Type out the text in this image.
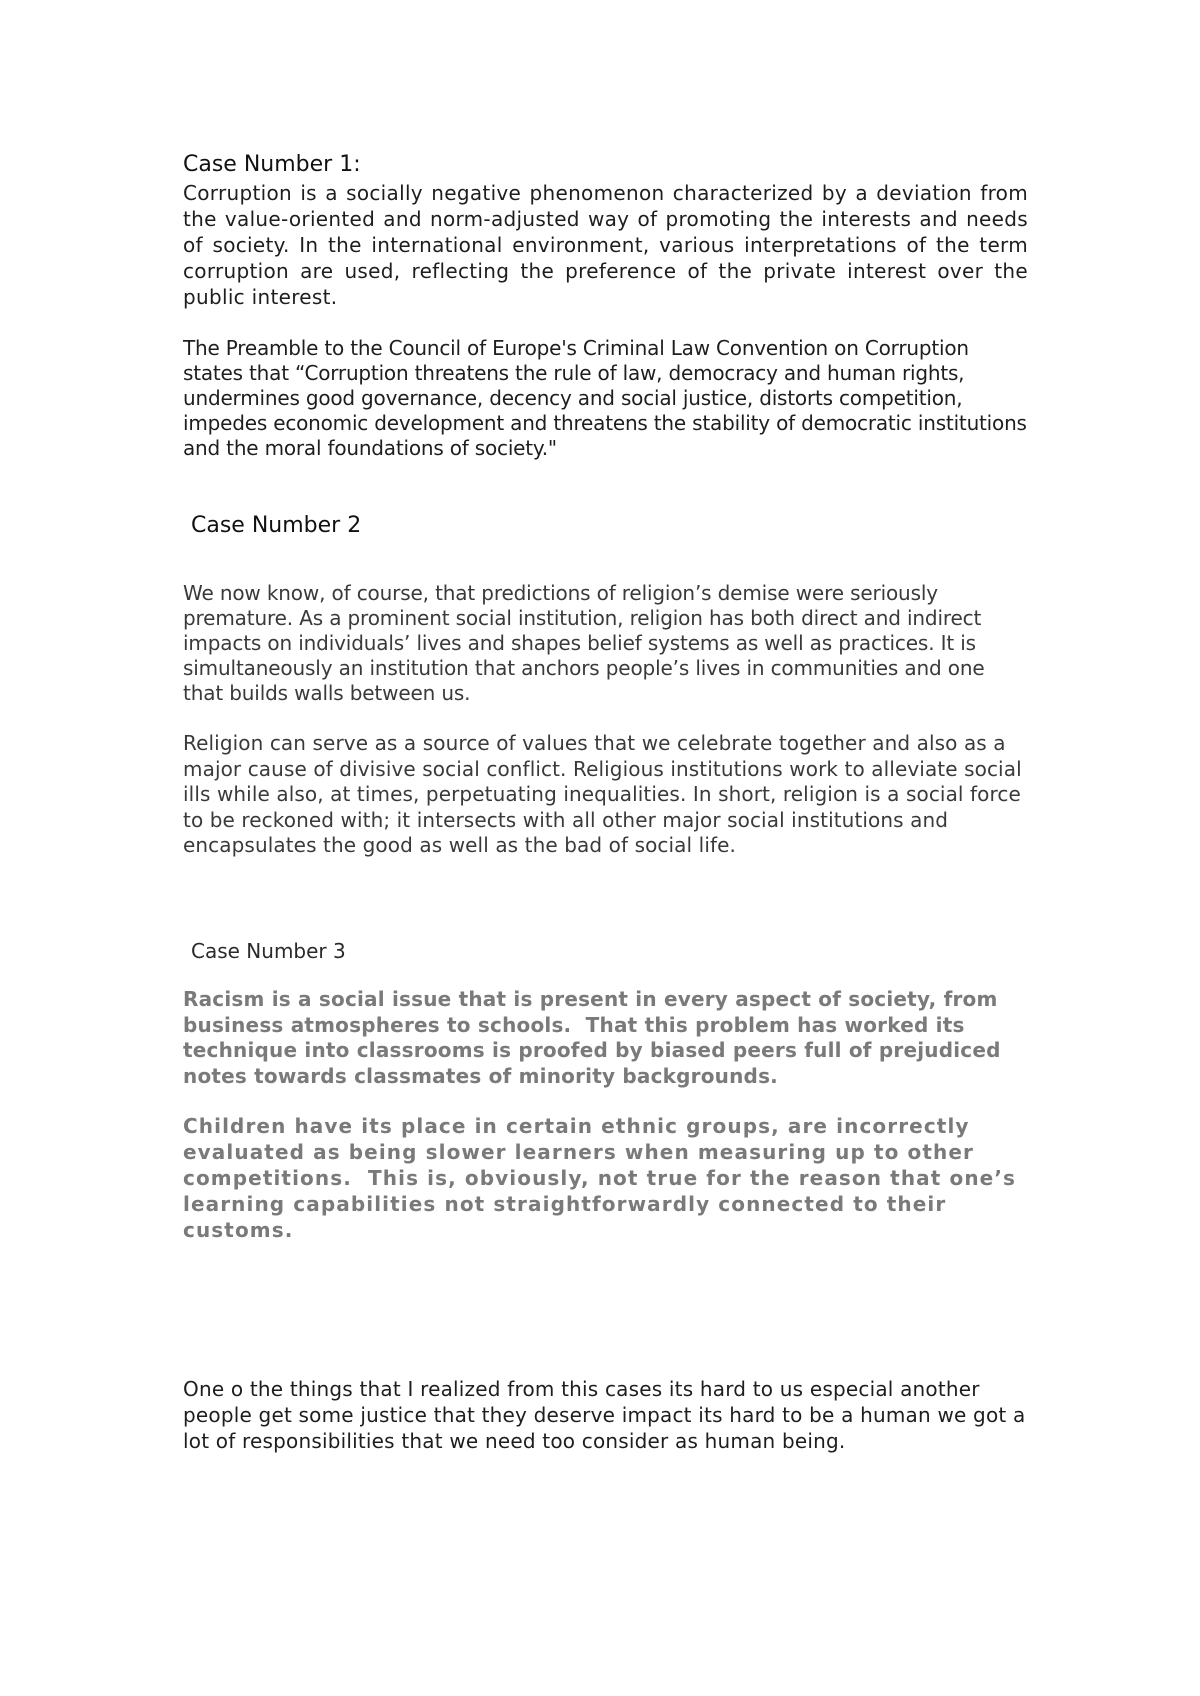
Case Number 1:

Corruption is a socially negative phenomenon characterized by a deviation from the value-oriented and norm-adjusted way of promoting the interests and needs of society. In the international environment, various interpretations of the term corruption are used, reflecting the preference of the private interest over the public interest.

The Preamble to the Council of Europe's Criminal Law Convention on Corruption states that “Corruption threatens the rule of law, democracy and human rights, undermines good governance, decency and social justice, distorts competition, impedes economic development and threatens the stability of democratic institutions and the moral foundations of society."

Case Number 2

We now know, of course, that predictions of religion’s demise were seriously premature. As a prominent social institution, religion has both direct and indirect impacts on individuals’ lives and shapes belief systems as well as practices. It is simultaneously an institution that anchors people’s lives in communities and one that builds walls between us.

Religion can serve as a source of values that we celebrate together and also as a major cause of divisive social conflict. Religious institutions work to alleviate social ills while also, at times, perpetuating inequalities. In short, religion is a social force to be reckoned with; it intersects with all other major social institutions and encapsulates the good as well as the bad of social life.

Case Number 3

Racism is a social issue that is present in every aspect of society, from business atmospheres to schools.  That this problem has worked its technique into classrooms is proofed by biased peers full of prejudiced notes towards classmates of minority backgrounds.

Children have its place in certain ethnic groups, are incorrectly evaluated as being slower learners when measuring up to other competitions.  This is, obviously, not true for the reason that one’s learning capabilities not straightforwardly connected to their customs.

One o the things that I realized from this cases its hard to us especial another people get some justice that they deserve impact its hard to be a human we got a lot of responsibilities that we need too consider as human being.
